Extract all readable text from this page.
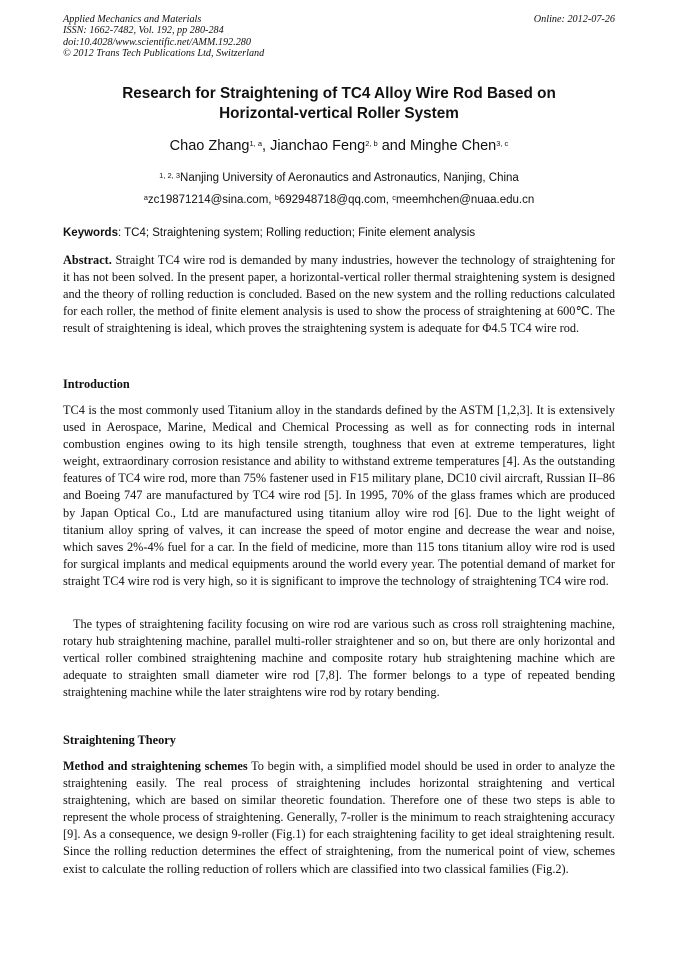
Applied Mechanics and Materials
ISSN: 1662-7482, Vol. 192, pp 280-284
doi:10.4028/www.scientific.net/AMM.192.280
© 2012 Trans Tech Publications Ltd, Switzerland
Online: 2012-07-26
Research for Straightening of TC4 Alloy Wire Rod Based on
Horizontal-vertical Roller System
Chao Zhang$^{1, a}$, Jianchao Feng$^{2, b}$ and Minghe Chen$^{3, c}$
$^{1, 2, 3}$Nanjing University of Aeronautics and Astronautics, Nanjing, China
$^a$zc19871214@sina.com, $^b$692948718@qq.com, $^c$meemhchen@nuaa.edu.cn
Keywords: TC4; Straightening system; Rolling reduction; Finite element analysis
Abstract. Straight TC4 wire rod is demanded by many industries, however the technology of straightening for it has not been solved. In the present paper, a horizontal-vertical roller thermal straightening system is designed and the theory of rolling reduction is concluded. Based on the new system and the rolling reductions calculated for each roller, the method of finite element analysis is used to show the process of straightening at 600℃. The result of straightening is ideal, which proves the straightening system is adequate for Φ4.5 TC4 wire rod.
Introduction
TC4 is the most commonly used Titanium alloy in the standards defined by the ASTM [1,2,3]. It is extensively used in Aerospace, Marine, Medical and Chemical Processing as well as for connecting rods in internal combustion engines owing to its high tensile strength, toughness that even at extreme temperatures, light weight, extraordinary corrosion resistance and ability to withstand extreme temperatures [4]. As the outstanding features of TC4 wire rod, more than 75% fastener used in F15 military plane, DC10 civil aircraft, Russian II–86 and Boeing 747 are manufactured by TC4 wire rod [5]. In 1995, 70% of the glass frames which are produced by Japan Optical Co., Ltd are manufactured using titanium alloy wire rod [6]. Due to the light weight of titanium alloy spring of valves, it can increase the speed of motor engine and decrease the wear and noise, which saves 2%-4% fuel for a car. In the field of medicine, more than 115 tons titanium alloy wire rod is used for surgical implants and medical equipments around the world every year. The potential demand of market for straight TC4 wire rod is very high, so it is significant to improve the technology of straightening TC4 wire rod.
The types of straightening facility focusing on wire rod are various such as cross roll straightening machine, rotary hub straightening machine, parallel multi-roller straightener and so on, but there are only horizontal and vertical roller combined straightening machine and composite rotary hub straightening machine which are adequate to straighten small diameter wire rod [7,8]. The former belongs to a type of repeated bending straightening machine while the later straightens wire rod by rotary bending.
Straightening Theory
Method and straightening schemes To begin with, a simplified model should be used in order to analyze the straightening easily. The real process of straightening includes horizontal straightening and vertical straightening, which are based on similar theoretic foundation. Therefore one of these two steps is able to represent the whole process of straightening. Generally, 7-roller is the minimum to reach straightening accuracy [9]. As a consequence, we design 9-roller (Fig.1) for each straightening facility to get ideal straightening result. Since the rolling reduction determines the effect of straightening, from the numerical point of view, schemes exist to calculate the rolling reduction of rollers which are classified into two classical families (Fig.2).
